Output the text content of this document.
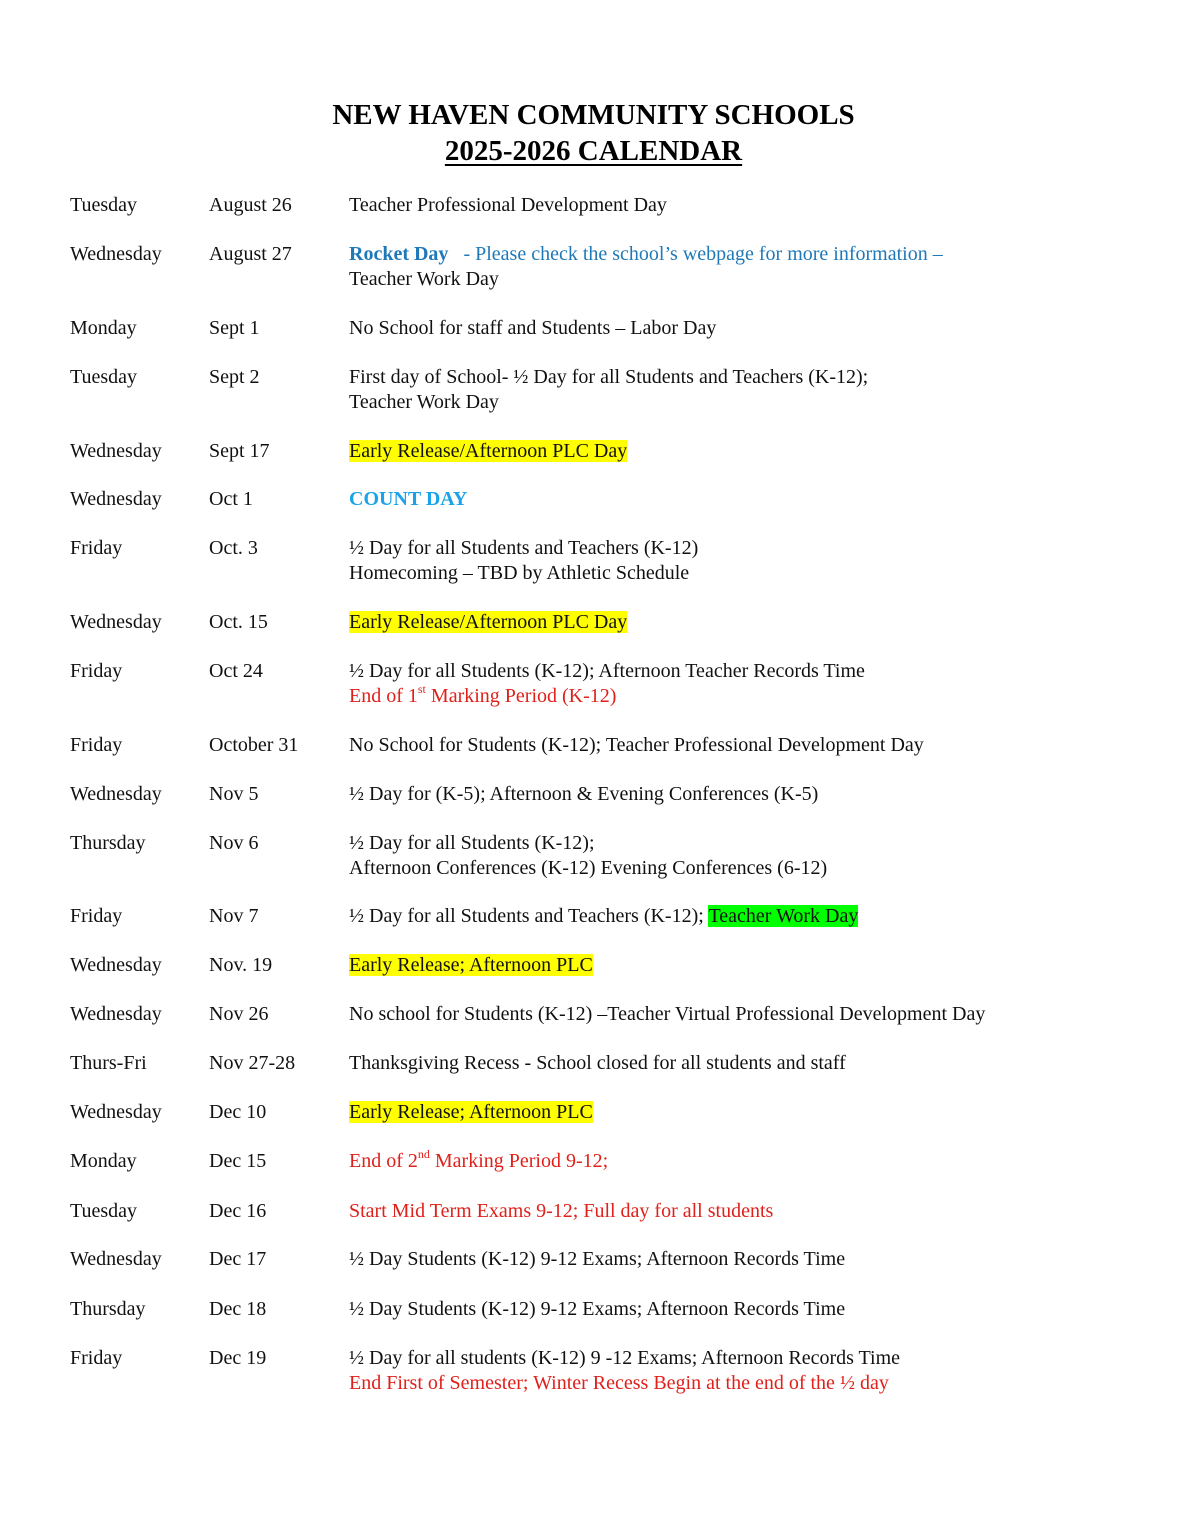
NEW HAVEN COMMUNITY SCHOOLS
2025-2026 CALENDAR
Tuesday	August 26	Teacher Professional Development Day
Wednesday August 27	Rocket Day - Please check the school’s webpage for more information –
Teacher Work Day
Monday	Sept 1	No School for staff and Students – Labor Day
Tuesday	Sept 2	First day of School- ½ Day for all Students and Teachers (K-12);
Teacher Work Day
Wednesday Sept 17	Early Release/Afternoon PLC Day
Wednesday Oct 1	COUNT DAY
Friday	Oct. 3	½ Day for all Students and Teachers (K-12)
Homecoming – TBD by Athletic Schedule
Wednesday Oct. 15	Early Release/Afternoon PLC Day
Friday	Oct 24	½ Day for all Students (K-12); Afternoon Teacher Records Time
End of 1st Marking Period (K-12)
Friday	October 31	No School for Students (K-12); Teacher Professional Development Day
Wednesday Nov 5	½ Day for (K-5); Afternoon & Evening Conferences (K-5)
Thursday	Nov 6	½ Day for all Students (K-12);
Afternoon Conferences (K-12) Evening Conferences (6-12)
Friday	Nov 7	½ Day for all Students and Teachers (K-12); Teacher Work Day
Wednesday Nov. 19	Early Release; Afternoon PLC
Wednesday Nov 26	No school for Students (K-12) –Teacher Virtual Professional Development Day
Thurs-Fri	Nov 27-28	Thanksgiving Recess - School closed for all students and staff
Wednesday Dec 10	Early Release; Afternoon PLC
Monday	Dec 15	End of 2nd Marking Period 9-12;
Tuesday	Dec 16	Start Mid Term Exams 9-12; Full day for all students
Wednesday Dec 17	½ Day Students (K-12) 9-12 Exams; Afternoon Records Time
Thursday	Dec 18	½ Day Students (K-12) 9-12 Exams; Afternoon Records Time
Friday	Dec 19	½ Day for all students (K-12) 9 -12 Exams; Afternoon Records Time
End First of Semester; Winter Recess Begin at the end of the ½ day
